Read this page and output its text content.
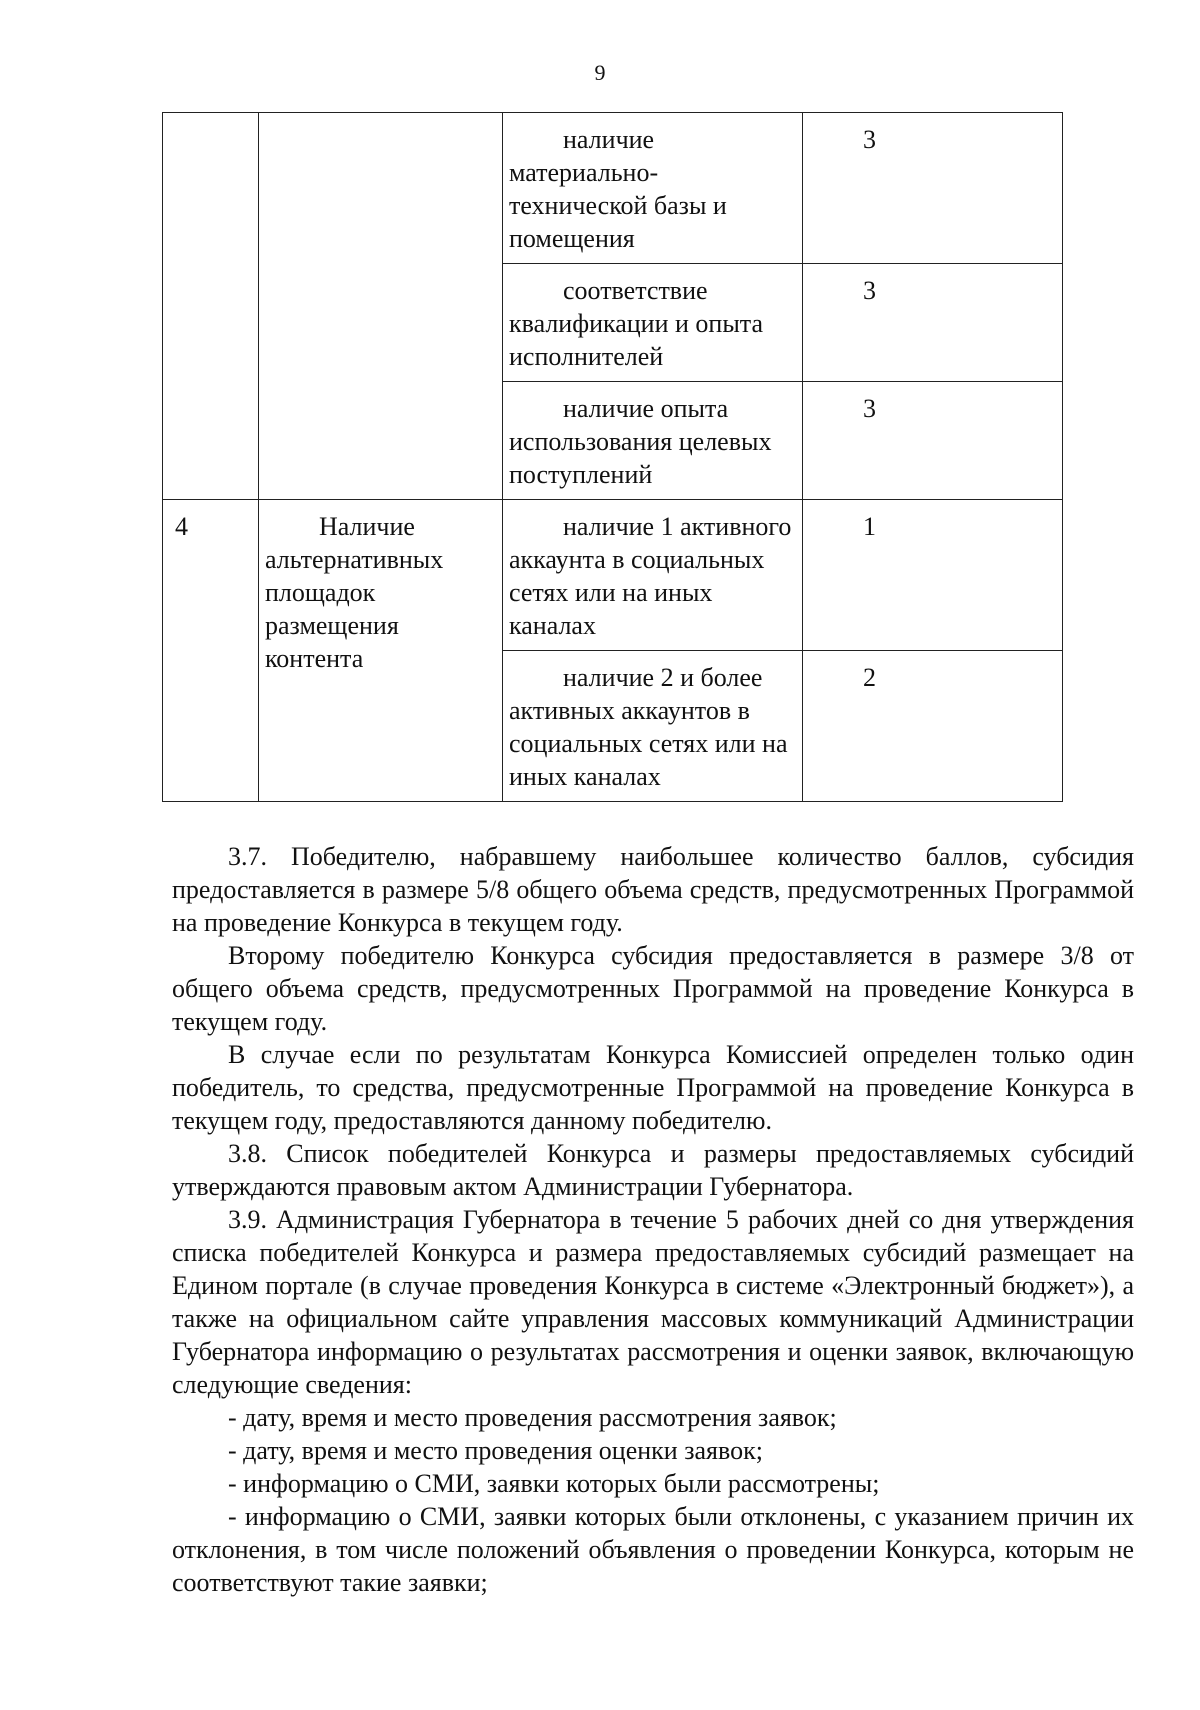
9
		наличие материально-технической базы и помещения	3
		соответствие квалификации и опыта исполнителей	3
		наличие опыта использования целевых поступлений	3
4	Наличие альтернативных площадок размещения контента	наличие 1 активного аккаунта в социальных сетях или на иных каналах	1
		наличие 2 и более активных аккаунтов в социальных сетях или на иных каналах	2

3.7. Победителю, набравшему наибольшее количество баллов, субсидия предоставляется в размере 5/8 общего объема средств, предусмотренных Программой на проведение Конкурса в текущем году.

Второму победителю Конкурса субсидия предоставляется в размере 3/8 от общего объема средств, предусмотренных Программой на проведение Конкурса в текущем году.

В случае если по результатам Конкурса Комиссией определен только один победитель, то средства, предусмотренные Программой на проведение Конкурса в текущем году, предоставляются данному победителю.

3.8. Список победителей Конкурса и размеры предоставляемых субсидий утверждаются правовым актом Администрации Губернатора.

3.9. Администрация Губернатора в течение 5 рабочих дней со дня утверждения списка победителей Конкурса и размера предоставляемых субсидий размещает на Едином портале (в случае проведения Конкурса в системе «Электронный бюджет»), а также на официальном сайте управления массовых коммуникаций Администрации Губернатора информацию о результатах рассмотрения и оценки заявок, включающую следующие сведения:

- дату, время и место проведения рассмотрения заявок;

- дату, время и место проведения оценки заявок;

- информацию о СМИ, заявки которых были рассмотрены;

- информацию о СМИ, заявки которых были отклонены, с указанием причин их отклонения, в том числе положений объявления о проведении Конкурса, которым не соответствуют такие заявки;
